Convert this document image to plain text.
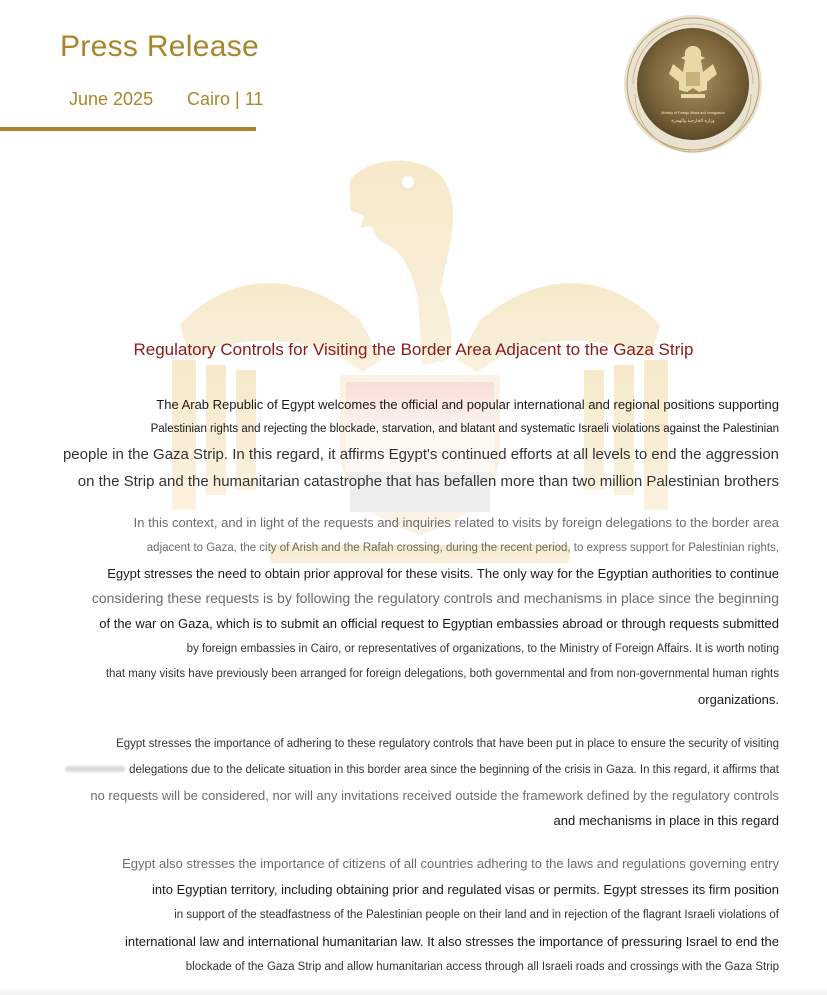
Press Release
June 2025 Cairo | 11
Ministry of Foreign Affairs and Immigration
وزارة الخارجية والهجرة
Regulatory Controls for Visiting the Border Area Adjacent to the Gaza Strip
The Arab Republic of Egypt welcomes the official and popular international and regional positions supporting
Palestinian rights and rejecting the blockade, starvation, and blatant and systematic Israeli violations against the Palestinian
people in the Gaza Strip. In this regard, it affirms Egypt's continued efforts at all levels to end the aggression
on the Strip and the humanitarian catastrophe that has befallen more than two million Palestinian brothers
In this context, and in light of the requests and inquiries related to visits by foreign delegations to the border area
adjacent to Gaza, the city of Arish and the Rafah crossing, during the recent period, to express support for Palestinian rights,
Egypt stresses the need to obtain prior approval for these visits. The only way for the Egyptian authorities to continue
considering these requests is by following the regulatory controls and mechanisms in place since the beginning
of the war on Gaza, which is to submit an official request to Egyptian embassies abroad or through requests submitted
by foreign embassies in Cairo, or representatives of organizations, to the Ministry of Foreign Affairs. It is worth noting
that many visits have previously been arranged for foreign delegations, both governmental and from non-governmental human rights
organizations.
Egypt stresses the importance of adhering to these regulatory controls that have been put in place to ensure the security of visiting
delegations due to the delicate situation in this border area since the beginning of the crisis in Gaza. In this regard, it affirms that
no requests will be considered, nor will any invitations received outside the framework defined by the regulatory controls
and mechanisms in place in this regard
Egypt also stresses the importance of citizens of all countries adhering to the laws and regulations governing entry
into Egyptian territory, including obtaining prior and regulated visas or permits. Egypt stresses its firm position
in support of the steadfastness of the Palestinian people on their land and in rejection of the flagrant Israeli violations of
international law and international humanitarian law. It also stresses the importance of pressuring Israel to end the
blockade of the Gaza Strip and allow humanitarian access through all Israeli roads and crossings with the Gaza Strip
